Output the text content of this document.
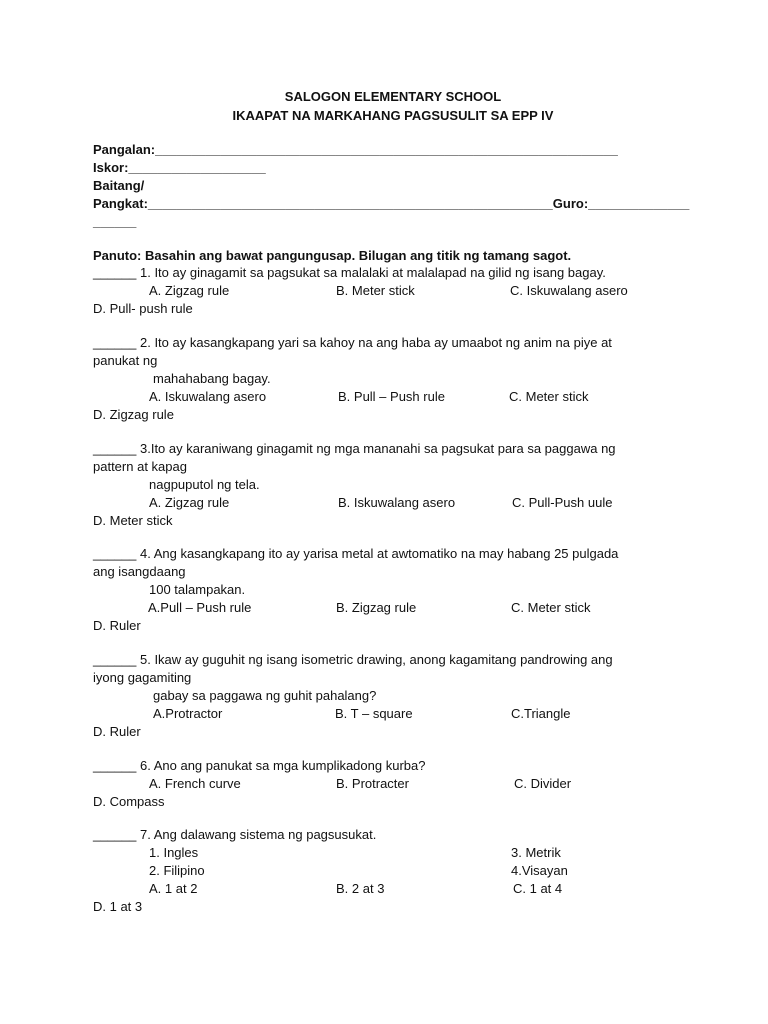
SALOGON ELEMENTARY SCHOOL
IKAAPAT NA MARKAHANG PAGSUSULIT SA EPP IV
Pangalan:________________________________________________________________
Iskor:___________________
Baitang/
Pangkat:________________________________________________________Guro:______________
______
Panuto: Basahin ang bawat pangungusap. Bilugan ang titik ng tamang sagot.
______ 1. Ito ay ginagamit sa pagsukat sa malalaki at malalapad na gilid ng isang bagay.
A. Zigzag rule	B. Meter stick	C. Iskuwalang asero
D. Pull- push rule
______ 2. Ito ay kasangkapang yari sa kahoy na ang haba ay umaabot ng anim na piye at
panukat ng
mahahabang bagay.
A. Iskuwalang asero	B. Pull – Push rule	C. Meter stick
D. Zigzag rule
______ 3.Ito ay karaniwang ginagamit ng mga mananahi sa pagsukat para sa paggawa ng
pattern at kapag
nagpuputol ng tela.
A. Zigzag rule	B. Iskuwalang asero	C. Pull-Push uule
D. Meter stick
______ 4. Ang kasangkapang ito ay yarisa metal at awtomatiko na may habang 25 pulgada
ang isangdaang
100 talampakan.
A.Pull – Push rule	B. Zigzag rule	C. Meter stick
D. Ruler
______ 5. Ikaw ay guguhit ng isang isometric drawing, anong kagamitang pandrowing ang
iyong gagamiting
gabay sa paggawa ng guhit pahalang?
A.Protractor	B. T – square	C.Triangle
D. Ruler
______ 6. Ano ang panukat sa mga kumplikadong kurba?
A. French curve	B. Protracter	C. Divider
D. Compass
______ 7. Ang dalawang sistema ng pagsusukat.
1. Ingles	3. Metrik
2. Filipino	4.Visayan
A. 1 at 2	B. 2 at 3	C. 1 at 4
D. 1 at 3
